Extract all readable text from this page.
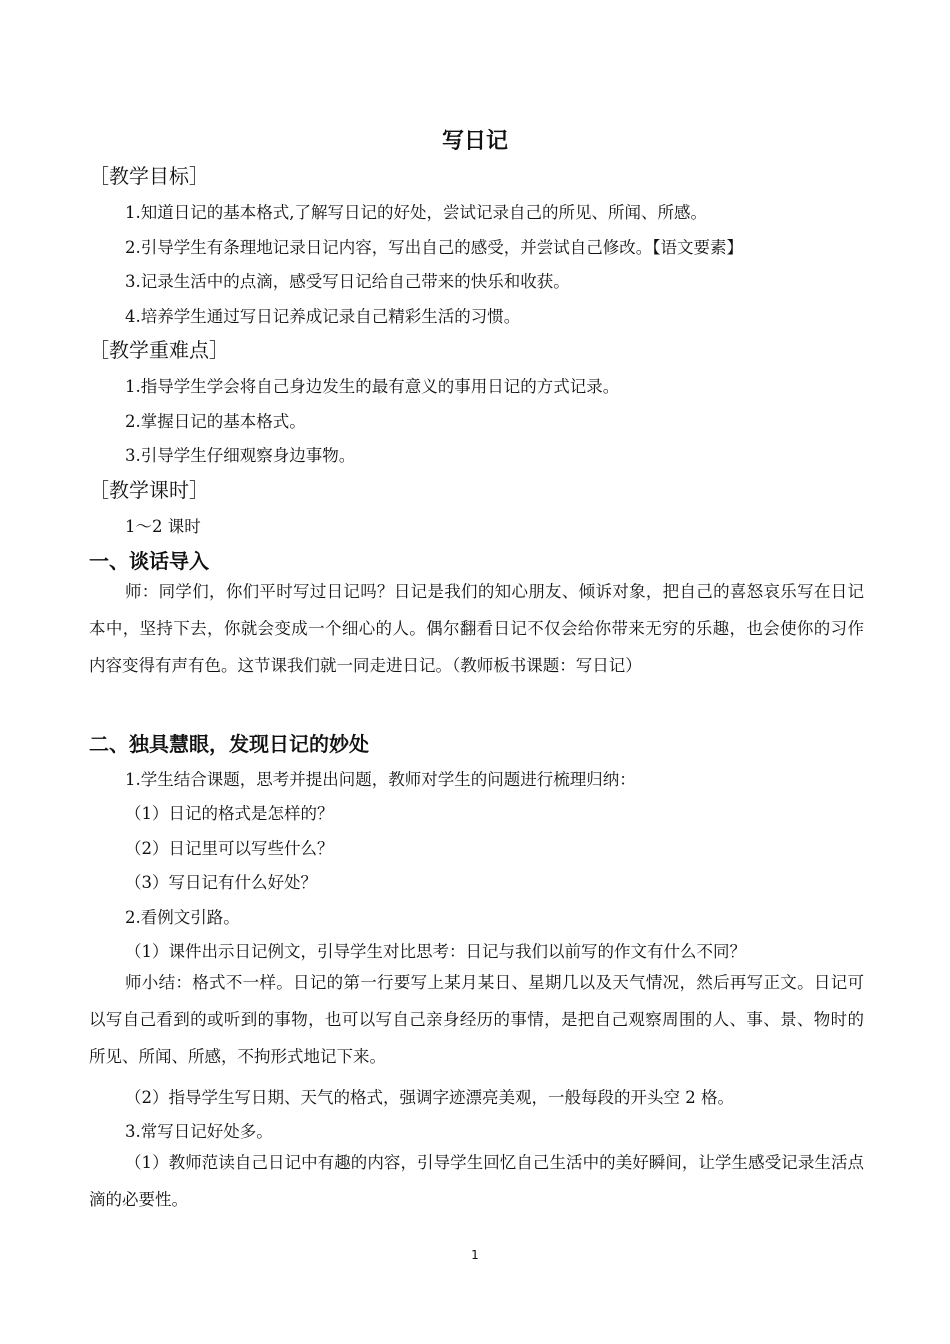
写日记
［教学目标］
1.知道日记的基本格式,了解写日记的好处，尝试记录自己的所见、所闻、所感。
2.引导学生有条理地记录日记内容，写出自己的感受，并尝试自己修改。【语文要素】
3.记录生活中的点滴，感受写日记给自己带来的快乐和收获。
4.培养学生通过写日记养成记录自己精彩生活的习惯。
［教学重难点］
1.指导学生学会将自己身边发生的最有意义的事用日记的方式记录。
2.掌握日记的基本格式。
3.引导学生仔细观察身边事物。
［教学课时］
1～2 课时
一、谈话导入
师：同学们，你们平时写过日记吗？日记是我们的知心朋友、倾诉对象，把自己的喜怒哀乐写在日记本中，坚持下去，你就会变成一个细心的人。偶尔翻看日记不仅会给你带来无穷的乐趣，也会使你的习作内容变得有声有色。这节课我们就一同走进日记。（教师板书课题：写日记）
二、独具慧眼，发现日记的妙处
1.学生结合课题，思考并提出问题，教师对学生的问题进行梳理归纳：
（1）日记的格式是怎样的？
（2）日记里可以写些什么？
（3）写日记有什么好处？
2.看例文引路。
（1）课件出示日记例文，引导学生对比思考：日记与我们以前写的作文有什么不同？
师小结：格式不一样。日记的第一行要写上某月某日、星期几以及天气情况，然后再写正文。日记可以写自己看到的或听到的事物，也可以写自己亲身经历的事情，是把自己观察周围的人、事、景、物时的所见、所闻、所感，不拘形式地记下来。
（2）指导学生写日期、天气的格式，强调字迹漂亮美观，一般每段的开头空 2 格。
3.常写日记好处多。
（1）教师范读自己日记中有趣的内容，引导学生回忆自己生活中的美好瞬间，让学生感受记录生活点滴的必要性。
1
